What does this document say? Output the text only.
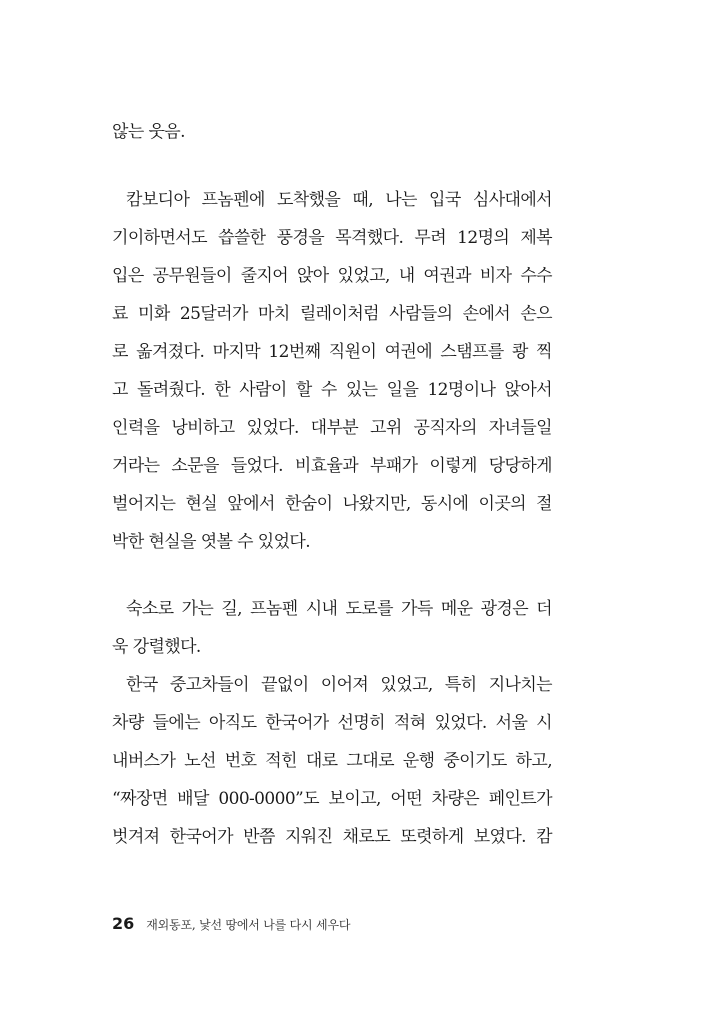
않는 웃음.
캄보디아 프놈펜에 도착했을 때, 나는 입국 심사대에서
기이하면서도 씁쓸한 풍경을 목격했다. 무려 12명의 제복
입은 공무원들이 줄지어 앉아 있었고, 내 여권과 비자 수수
료 미화 25달러가 마치 릴레이처럼 사람들의 손에서 손으
로 옮겨졌다. 마지막 12번째 직원이 여권에 스탬프를 쾅 찍
고 돌려줬다. 한 사람이 할 수 있는 일을 12명이나 앉아서
인력을 낭비하고 있었다. 대부분 고위 공직자의 자녀들일
거라는 소문을 들었다. 비효율과 부패가 이렇게 당당하게
벌어지는 현실 앞에서 한숨이 나왔지만, 동시에 이곳의 절
박한 현실을 엿볼 수 있었다.
숙소로 가는 길, 프놈펜 시내 도로를 가득 메운 광경은 더
욱 강렬했다.
한국 중고차들이 끝없이 이어져 있었고, 특히 지나치는
차량 들에는 아직도 한국어가 선명히 적혀 있었다. 서울 시
내버스가 노선 번호 적힌 대로 그대로 운행 중이기도 하고,
“짜장면 배달 000-0000”도 보이고, 어떤 차량은 페인트가
벗겨져 한국어가 반쯤 지워진 채로도 또렷하게 보였다. 캄
26 재외동포, 낯선 땅에서 나를 다시 세우다
